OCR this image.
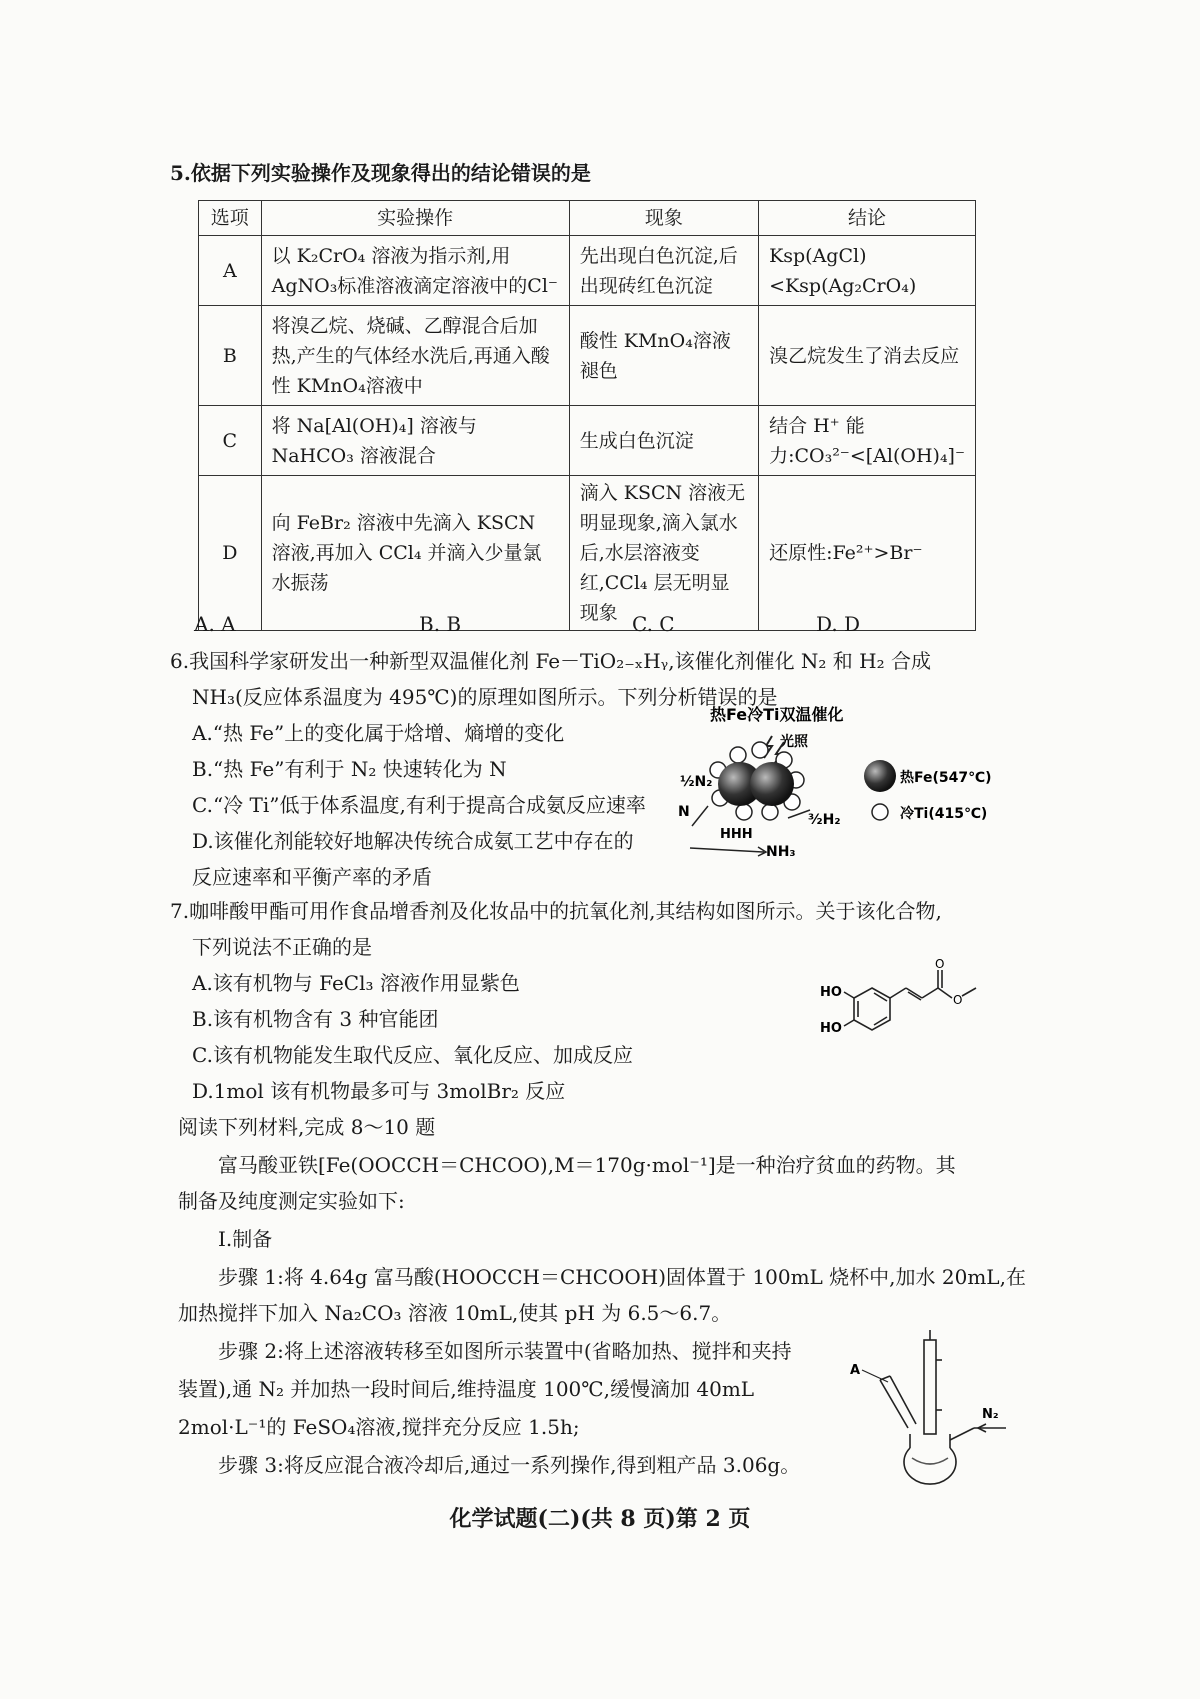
5.依据下列实验操作及现象得出的结论错误的是
选项	实验操作	现象	结论
A	以 K₂CrO₄ 溶液为指示剂,用AgNO₃标准溶液滴定溶液中的Cl⁻	先出现白色沉淀,后出现砖红色沉淀	Ksp(AgCl)<Ksp(Ag₂CrO₄)
B	将溴乙烷、烧碱、乙醇混合后加热,产生的气体经水洗后,再通入酸性 KMnO₄溶液中	酸性 KMnO₄溶液褪色	溴乙烷发生了消去反应
C	将 Na[Al(OH)₄] 溶液与 NaHCO₃ 溶液混合	生成白色沉淀	结合 H⁺ 能力:CO₃²⁻<[Al(OH)₄]⁻
D	向 FeBr₂ 溶液中先滴入 KSCN 溶液,再加入 CCl₄ 并滴入少量氯水振荡	滴入 KSCN 溶液无明显现象,滴入氯水后,水层溶液变红,CCl₄ 层无明显现象	还原性:Fe²⁺>Br⁻
A. A	B. B	C. C	D. D
6.我国科学家研发出一种新型双温催化剂 Fe－TiO₂₋ₓHᵧ,该催化剂催化 N₂ 和 H₂ 合成
NH₃(反应体系温度为 495℃)的原理如图所示。下列分析错误的是
A.“热 Fe”上的变化属于焓增、熵增的变化
B.“热 Fe”有利于 N₂ 快速转化为 N
C.“冷 Ti”低于体系温度,有利于提高合成氨反应速率
D.该催化剂能较好地解决传统合成氨工艺中存在的
反应速率和平衡产率的矛盾
热Fe冷Ti双温催化
光照
½N₂
N
HHH
³⁄₂H₂
NH₃
热Fe(547℃)
冷Ti(415℃)
7.咖啡酸甲酯可用作食品增香剂及化妆品中的抗氧化剂,其结构如图所示。关于该化合物,
下列说法不正确的是
A.该有机物与 FeCl₃ 溶液作用显紫色
B.该有机物含有 3 种官能团
C.该有机物能发生取代反应、氧化反应、加成反应
D.1mol 该有机物最多可与 3molBr₂ 反应
HO
HO
O
O
阅读下列材料,完成 8～10 题
富马酸亚铁[Fe(OOCCH＝CHCOO),M＝170g·mol⁻¹]是一种治疗贫血的药物。其
制备及纯度测定实验如下:
Ⅰ.制备
步骤 1:将 4.64g 富马酸(HOOCCH＝CHCOOH)固体置于 100mL 烧杯中,加水 20mL,在
加热搅拌下加入 Na₂CO₃ 溶液 10mL,使其 pH 为 6.5～6.7。
步骤 2:将上述溶液转移至如图所示装置中(省略加热、搅拌和夹持
装置),通 N₂ 并加热一段时间后,维持温度 100℃,缓慢滴加 40mL
2mol·L⁻¹的 FeSO₄溶液,搅拌充分反应 1.5h;
步骤 3:将反应混合液冷却后,通过一系列操作,得到粗产品 3.06g。
A
N₂
化学试题(二)(共 8 页)第 2 页
